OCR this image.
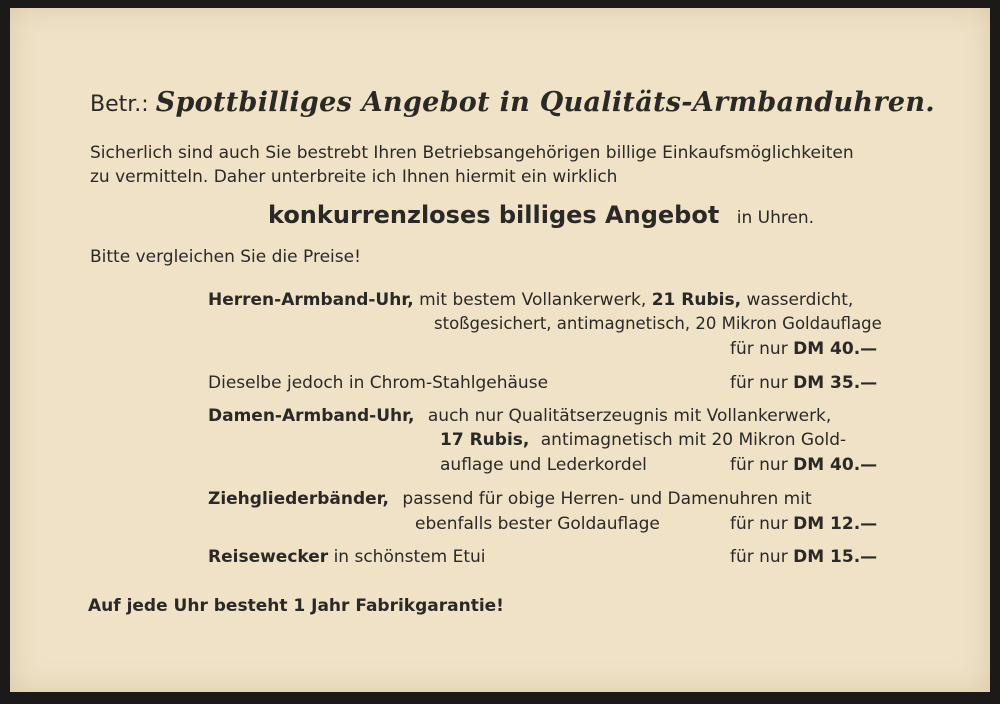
Betr.: Spottbilliges Angebot in Qualitäts-Armbanduhren.
Sicherlich sind auch Sie bestrebt Ihren Betriebsangehörigen billige Einkaufsmöglichkeiten
zu vermitteln. Daher unterbreite ich Ihnen hiermit ein wirklich
konkurrenzloses billiges Angebot in Uhren.
Bitte vergleichen Sie die Preise!
Herren-Armband-Uhr, mit bestem Vollankerwerk, 21 Rubis, wasserdicht,
stoßgesichert, antimagnetisch, 20 Mikron Goldauflage
für nur DM 40.—
Dieselbe jedoch in Chrom-Stahlgehäuse	für nur DM 35.—
Damen-Armband-Uhr, auch nur Qualitätserzeugnis mit Vollankerwerk,
17 Rubis, antimagnetisch mit 20 Mikron Gold-
auflage und Lederkordel	für nur DM 40.—
Ziehgliederbänder, passend für obige Herren- und Damenuhren mit
ebenfalls bester Goldauflage	für nur DM 12.—
Reisewecker in schönstem Etui	für nur DM 15.—
Auf jede Uhr besteht 1 Jahr Fabrikgarantie!
